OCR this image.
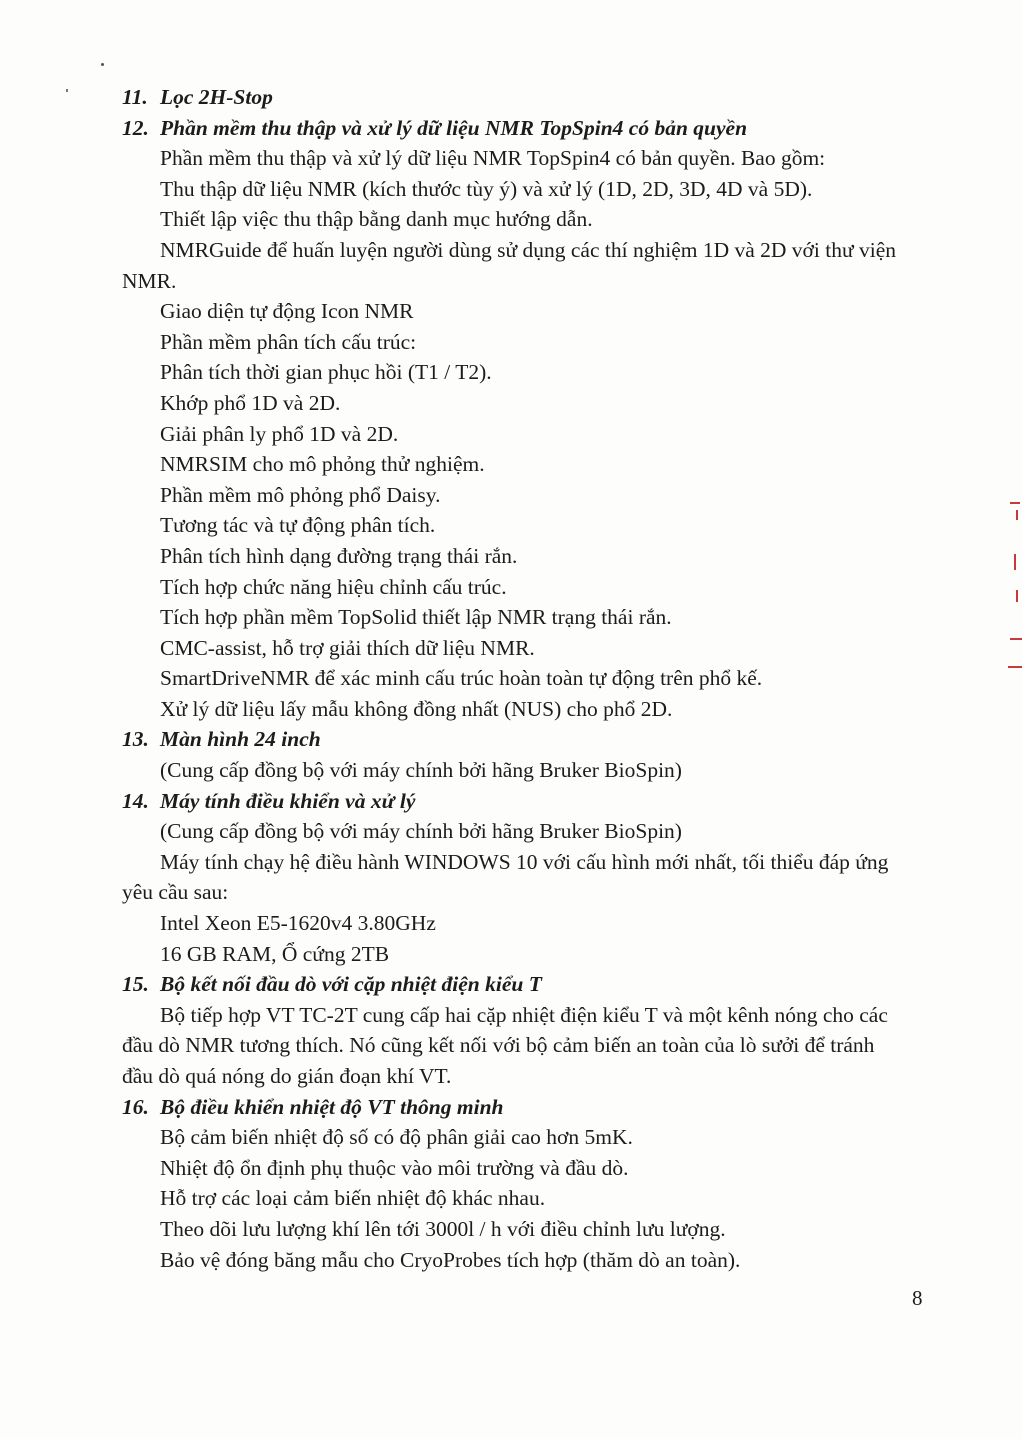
11. Lọc 2H-Stop

12. Phần mềm thu thập và xử lý dữ liệu NMR TopSpin4 có bản quyền

Phần mềm thu thập và xử lý dữ liệu NMR TopSpin4 có bản quyền. Bao gồm:

Thu thập dữ liệu NMR (kích thước tùy ý) và xử lý (1D, 2D, 3D, 4D và 5D).

Thiết lập việc thu thập bằng danh mục hướng dẫn.

NMRGuide để huấn luyện người dùng sử dụng các thí nghiệm 1D và 2D với thư viện

NMR.

Giao diện tự động Icon NMR

Phần mềm phân tích cấu trúc:

Phân tích thời gian phục hồi (T1 / T2).

Khớp phổ 1D và 2D.

Giải phân ly phổ 1D và 2D.

NMRSIM cho mô phỏng thử nghiệm.

Phần mềm mô phỏng phổ Daisy.

Tương tác và tự động phân tích.

Phân tích hình dạng đường trạng thái rắn.

Tích hợp chức năng hiệu chỉnh cấu trúc.

Tích hợp phần mềm TopSolid thiết lập NMR trạng thái rắn.

CMC-assist, hỗ trợ giải thích dữ liệu NMR.

SmartDriveNMR để xác minh cấu trúc hoàn toàn tự động trên phổ kế.

Xử lý dữ liệu lấy mẫu không đồng nhất (NUS) cho phổ 2D.

13. Màn hình 24 inch

(Cung cấp đồng bộ với máy chính bởi hãng Bruker BioSpin)

14. Máy tính điều khiển và xử lý

(Cung cấp đồng bộ với máy chính bởi hãng Bruker BioSpin)

Máy tính chạy hệ điều hành WINDOWS 10 với cấu hình mới nhất, tối thiểu đáp ứng

yêu cầu sau:

Intel Xeon E5-1620v4 3.80GHz

16 GB RAM, Ổ cứng 2TB

15. Bộ kết nối đầu dò với cặp nhiệt điện kiểu T

Bộ tiếp hợp VT TC-2T cung cấp hai cặp nhiệt điện kiểu T và một kênh nóng cho các

đầu dò NMR tương thích. Nó cũng kết nối với bộ cảm biến an toàn của lò sưởi để tránh

đầu dò quá nóng do gián đoạn khí VT.

16. Bộ điều khiển nhiệt độ VT thông minh

Bộ cảm biến nhiệt độ số có độ phân giải cao hơn 5mK.

Nhiệt độ ổn định phụ thuộc vào môi trường và đầu dò.

Hỗ trợ các loại cảm biến nhiệt độ khác nhau.

Theo dõi lưu lượng khí lên tới 3000l / h với điều chỉnh lưu lượng.

Bảo vệ đóng băng mẫu cho CryoProbes tích hợp (thăm dò an toàn).

8
